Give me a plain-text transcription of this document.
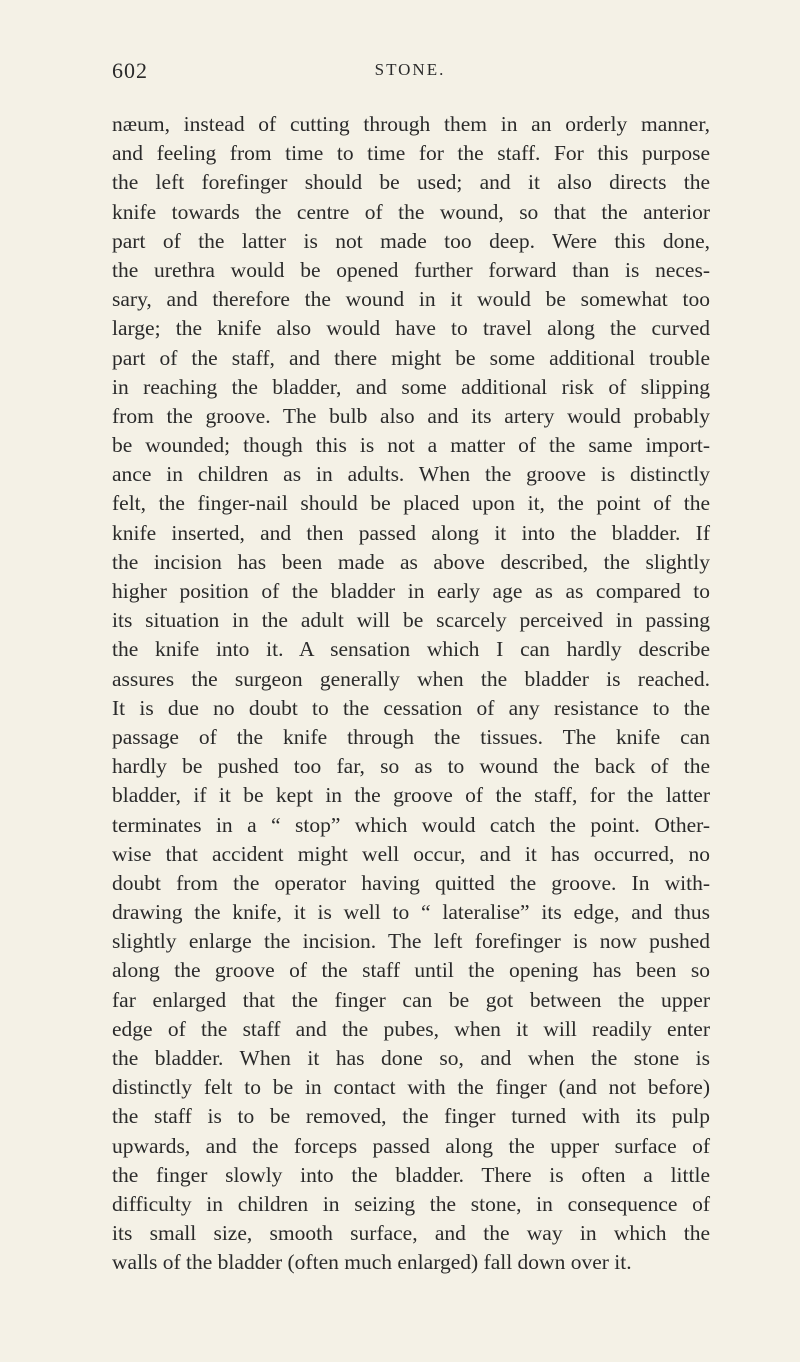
602	STONE.
næum, instead of cutting through them in an orderly manner,
and feeling from time to time for the staff. For this purpose
the left forefinger should be used; and it also directs the
knife towards the centre of the wound, so that the anterior
part of the latter is not made too deep. Were this done,
the urethra would be opened further forward than is neces-
sary, and therefore the wound in it would be somewhat too
large; the knife also would have to travel along the curved
part of the staff, and there might be some additional trouble
in reaching the bladder, and some additional risk of slipping
from the groove. The bulb also and its artery would probably
be wounded; though this is not a matter of the same import-
ance in children as in adults. When the groove is distinctly
felt, the finger-nail should be placed upon it, the point of the
knife inserted, and then passed along it into the bladder. If
the incision has been made as above described, the slightly
higher position of the bladder in early age as as compared to
its situation in the adult will be scarcely perceived in passing
the knife into it. A sensation which I can hardly describe
assures the surgeon generally when the bladder is reached.
It is due no doubt to the cessation of any resistance to the
passage of the knife through the tissues. The knife can
hardly be pushed too far, so as to wound the back of the
bladder, if it be kept in the groove of the staff, for the latter
terminates in a “ stop” which would catch the point. Other-
wise that accident might well occur, and it has occurred, no
doubt from the operator having quitted the groove. In with-
drawing the knife, it is well to “ lateralise” its edge, and thus
slightly enlarge the incision. The left forefinger is now pushed
along the groove of the staff until the opening has been so
far enlarged that the finger can be got between the upper
edge of the staff and the pubes, when it will readily enter
the bladder. When it has done so, and when the stone is
distinctly felt to be in contact with the finger (and not before)
the staff is to be removed, the finger turned with its pulp
upwards, and the forceps passed along the upper surface of
the finger slowly into the bladder. There is often a little
difficulty in children in seizing the stone, in consequence of
its small size, smooth surface, and the way in which the
walls of the bladder (often much enlarged) fall down over it.
